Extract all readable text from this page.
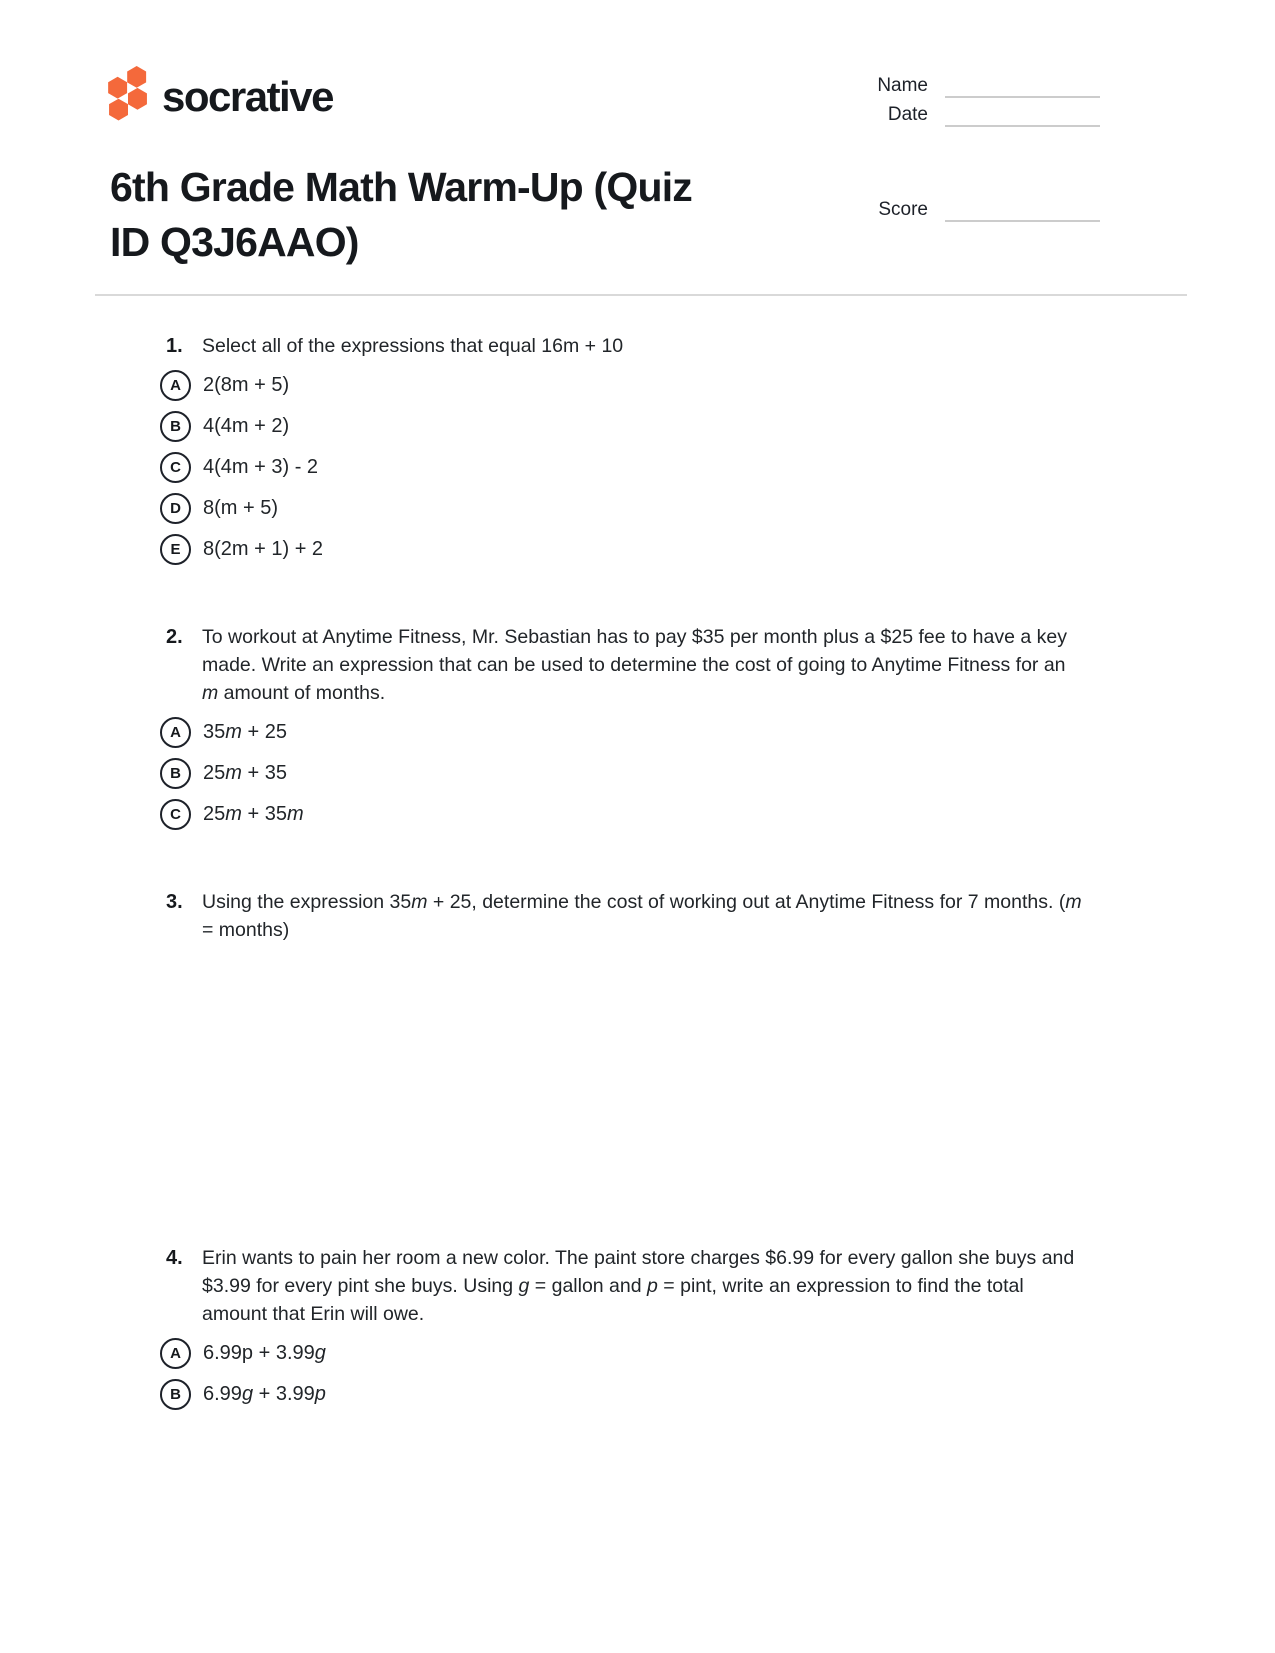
socrative	Name
Date
6th Grade Math Warm-Up (Quiz
ID Q3J6AAO)
Score
1. Select all of the expressions that equal 16m + 10
A	2(8m + 5)
B	4(4m + 2)
C	4(4m + 3) - 2
D	8(m + 5)
E	8(2m + 1) + 2
2. To workout at Anytime Fitness, Mr. Sebastian has to pay $35 per month plus a $25 fee to have a key made. Write an expression that can be used to determine the cost of going to Anytime Fitness for an m amount of months.
A	35m + 25
B	25m + 35
C	25m + 35m
3. Using the expression 35m + 25, determine the cost of working out at Anytime Fitness for 7 months. (m = months)
4. Erin wants to pain her room a new color. The paint store charges $6.99 for every gallon she buys and $3.99 for every pint she buys. Using g = gallon and p = pint, write an expression to find the total amount that Erin will owe.
A	6.99p + 3.99g
B	6.99g + 3.99p
